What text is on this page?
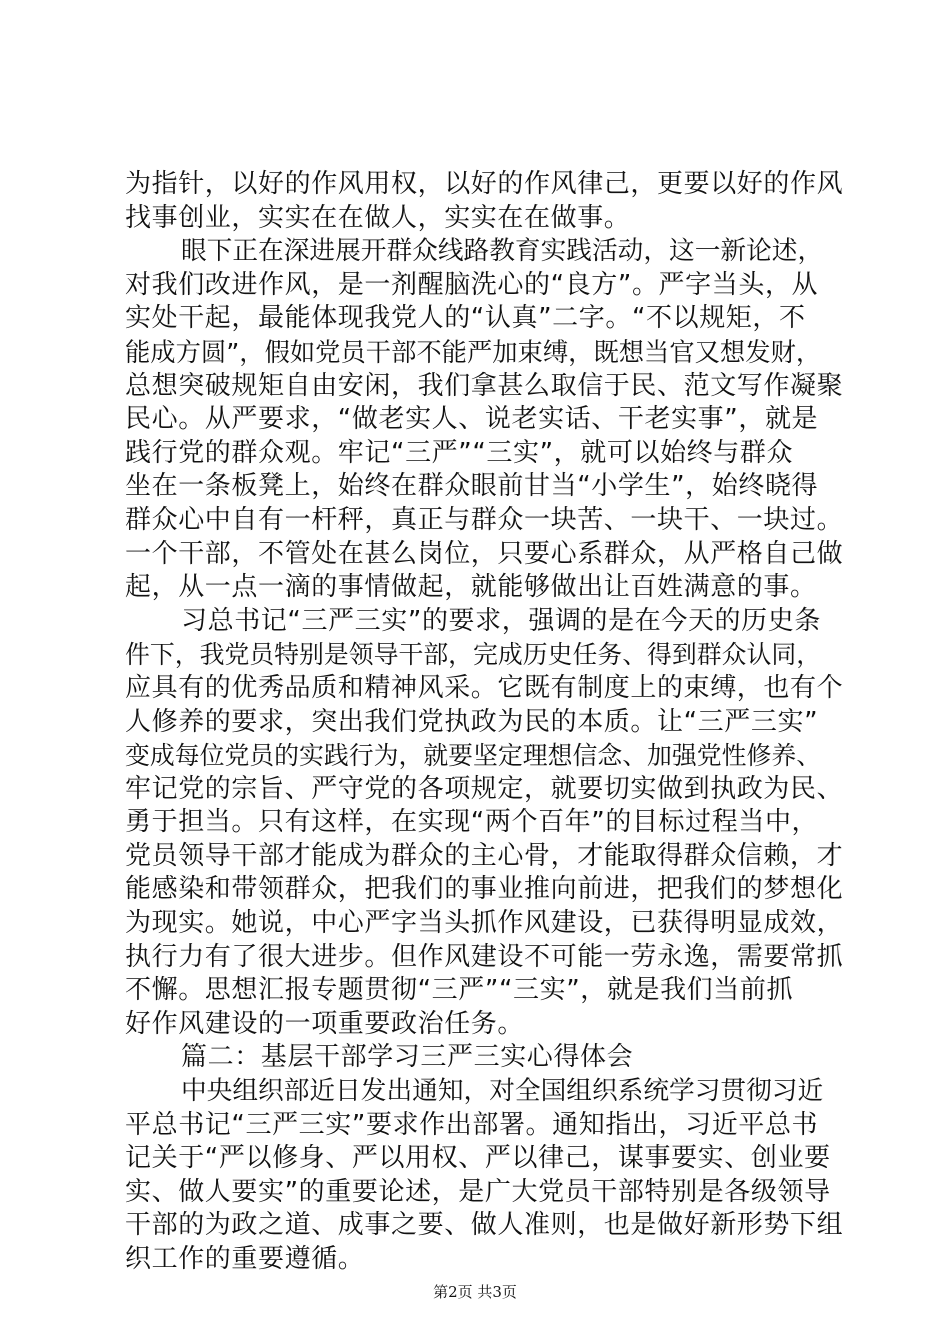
为指针，以好的作风用权，以好的作风律己，更要以好的作风
找事创业，实实在在做人，实实在在做事。
眼下正在深进展开群众线路教育实践活动，这一新论述，
对我们改进作风，是一剂醒脑洗心的“良方”。严字当头，从
实处干起，最能体现我党人的“认真”二字。“不以规矩，不
能成方圆”，假如党员干部不能严加束缚，既想当官又想发财，
总想突破规矩自由安闲，我们拿甚么取信于民、范文写作凝聚
民心。从严要求，“做老实人、说老实话、干老实事”，就是
践行党的群众观。牢记“三严”“三实”，就可以始终与群众
坐在一条板凳上，始终在群众眼前甘当“小学生”，始终晓得
群众心中自有一杆秤，真正与群众一块苦、一块干、一块过。
一个干部，不管处在甚么岗位，只要心系群众，从严格自己做
起，从一点一滴的事情做起，就能够做出让百姓满意的事。
习总书记“三严三实”的要求，强调的是在今天的历史条
件下，我党员特别是领导干部，完成历史任务、得到群众认同，
应具有的优秀品质和精神风采。它既有制度上的束缚，也有个
人修养的要求，突出我们党执政为民的本质。让“三严三实”
变成每位党员的实践行为，就要坚定理想信念、加强党性修养、
牢记党的宗旨、严守党的各项规定，就要切实做到执政为民、
勇于担当。只有这样，在实现“两个百年”的目标过程当中，
党员领导干部才能成为群众的主心骨，才能取得群众信赖，才
能感染和带领群众，把我们的事业推向前进，把我们的梦想化
为现实。她说，中心严字当头抓作风建设，已获得明显成效，
执行力有了很大进步。但作风建设不可能一劳永逸，需要常抓
不懈。思想汇报专题贯彻“三严”“三实”，就是我们当前抓
好作风建设的一项重要政治任务。
篇二：基层干部学习三严三实心得体会
中央组织部近日发出通知，对全国组织系统学习贯彻习近
平总书记“三严三实”要求作出部署。通知指出，习近平总书
记关于“严以修身、严以用权、严以律己，谋事要实、创业要
实、做人要实”的重要论述，是广大党员干部特别是各级领导
干部的为政之道、成事之要、做人准则，也是做好新形势下组
织工作的重要遵循。
第2页 共3页
